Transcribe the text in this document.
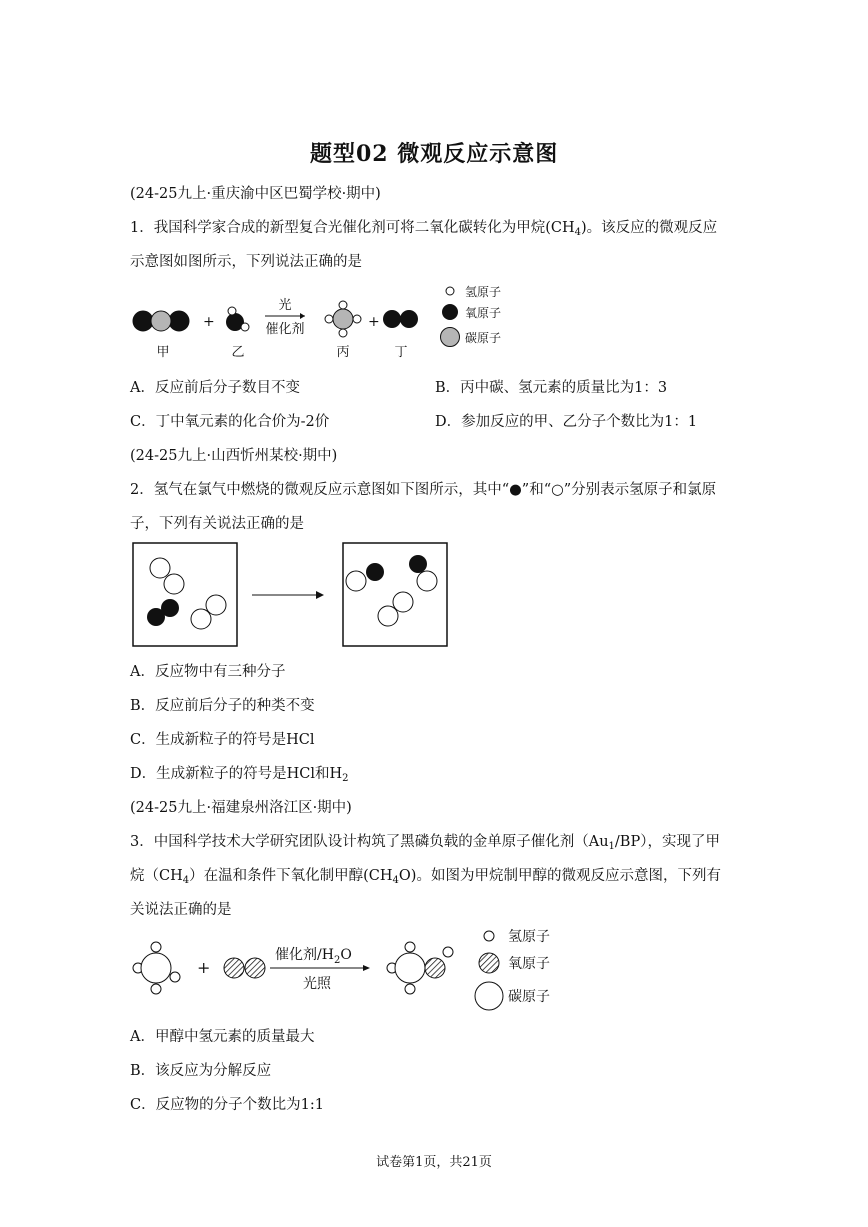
题型02 微观反应示意图
(24-25九上·重庆渝中区巴蜀学校·期中)
1．我国科学家合成的新型复合光催化剂可将二氧化碳转化为甲烷$(CH_4)$。该反应的微观反应
示意图如图所示，下列说法正确的是
+
光
催化剂	+
甲	乙	丙	丁
氢原子
氧原子
碳原子
A．反应前后分子数目不变	B．丙中碳、氢元素的质量比为1：3
C．丁中氧元素的化合价为-2价	D．参加反应的甲、乙分子个数比为1：1
(24-25九上·山西忻州某校·期中)
2．氢气在氯气中燃烧的微观反应示意图如下图所示，其中“●”和“○”分别表示氢原子和氯原
子，下列有关说法正确的是
A．反应物中有三种分子
B．反应前后分子的种类不变
C．生成新粒子的符号是HCl
D．生成新粒子的符号是HCl和$H_2$
(24-25九上·福建泉州洛江区·期中)
3．中国科学技术大学研究团队设计构筑了黑磷负载的金单原子催化剂$(Au_1/BP)$，实现了甲
烷$(CH_4)$在温和条件下氧化制甲醇$(CH_4O)$。如图为甲烷制甲醇的微观反应示意图，下列有
关说法正确的是
+
催化剂$/H_2O$
光照
氢原子
氧原子
碳原子
A．甲醇中氢元素的质量最大
B．该反应为分解反应
C．反应物的分子个数比为1:1
试卷第1页，共21页
